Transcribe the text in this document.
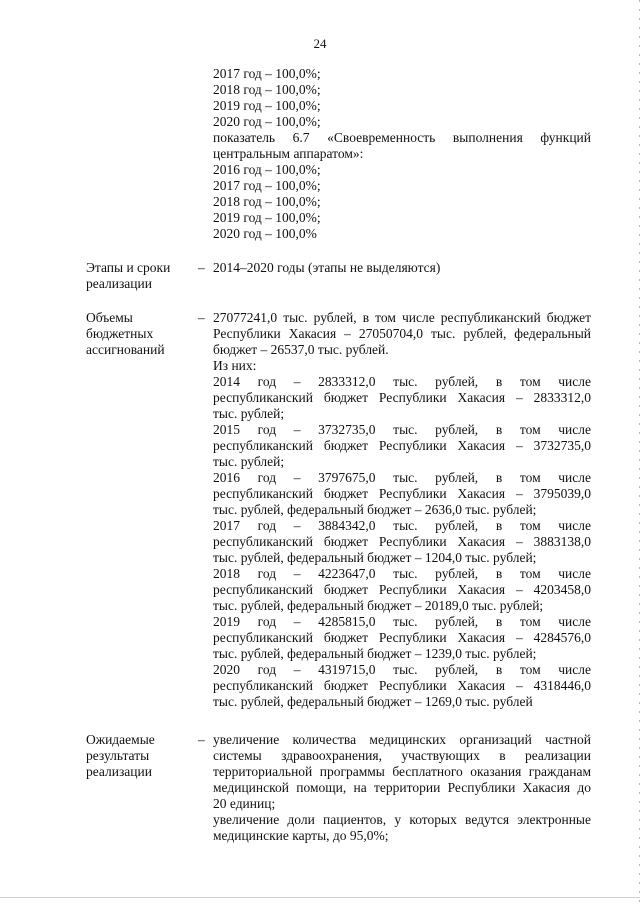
24
2017 год – 100,0%;
2018 год – 100,0%;
2019 год – 100,0%;
2020 год – 100,0%;
показатель 6.7 «Своевременность выполнения функций
центральным аппаратом»:
2016 год – 100,0%;
2017 год – 100,0%;
2018 год – 100,0%;
2019 год – 100,0%;
2020 год – 100,0%
Этапы и сроки
реализации
– 2014–2020 годы (этапы не выделяются)
Объемы
бюджетных
ассигнований
– 27077241,0 тыс. рублей, в том числе республиканский бюджет
Республики Хакасия – 27050704,0 тыс. рублей, федеральный
бюджет – 26537,0 тыс. рублей.
Из них:
2014 год – 2833312,0 тыс. рублей, в том числе
республиканский бюджет Республики Хакасия – 2833312,0
тыс. рублей;
2015 год – 3732735,0 тыс. рублей, в том числе
республиканский бюджет Республики Хакасия – 3732735,0
тыс. рублей;
2016 год – 3797675,0 тыс. рублей, в том числе
республиканский бюджет Республики Хакасия – 3795039,0
тыс. рублей, федеральный бюджет – 2636,0 тыс. рублей;
2017 год – 3884342,0 тыс. рублей, в том числе
республиканский бюджет Республики Хакасия – 3883138,0
тыс. рублей, федеральный бюджет – 1204,0 тыс. рублей;
2018 год – 4223647,0 тыс. рублей, в том числе
республиканский бюджет Республики Хакасия – 4203458,0
тыс. рублей, федеральный бюджет – 20189,0 тыс. рублей;
2019 год – 4285815,0 тыс. рублей, в том числе
республиканский бюджет Республики Хакасия – 4284576,0
тыс. рублей, федеральный бюджет – 1239,0 тыс. рублей;
2020 год – 4319715,0 тыс. рублей, в том числе
республиканский бюджет Республики Хакасия – 4318446,0
тыс. рублей, федеральный бюджет – 1269,0 тыс. рублей
Ожидаемые
результаты
реализации
– увеличение количества медицинских организаций частной
системы здравоохранения, участвующих в реализации
территориальной программы бесплатного оказания гражданам
медицинской помощи, на территории Республики Хакасия до
20 единиц;
увеличение доли пациентов, у которых ведутся электронные
медицинские карты, до 95,0%;
